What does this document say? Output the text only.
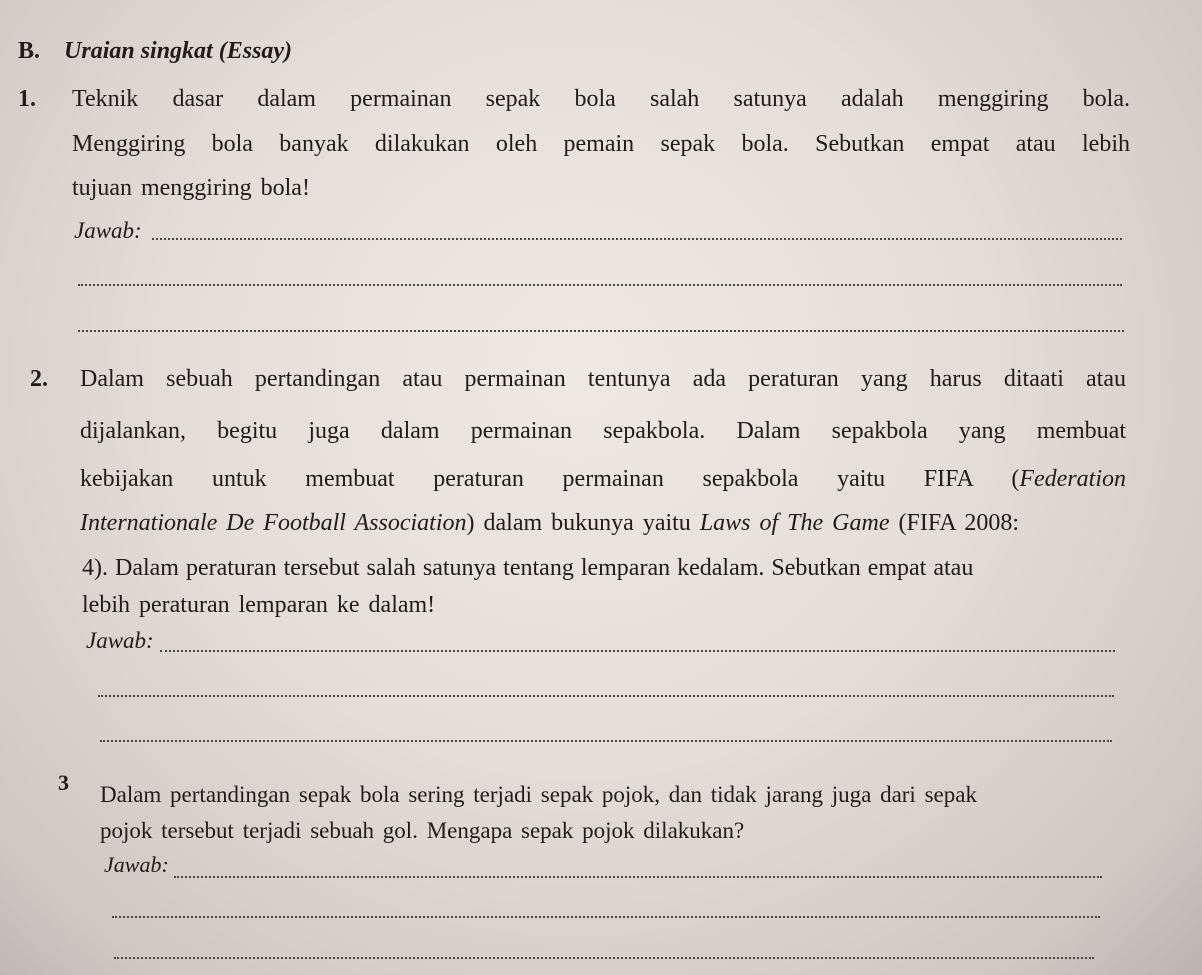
B. Uraian singkat (Essay)
1. Teknik dasar dalam permainan sepak bola salah satunya adalah menggiring bola.
Menggiring bola banyak dilakukan oleh pemain sepak bola. Sebutkan empat atau lebih
tujuan menggiring bola!
Jawab:
2. Dalam sebuah pertandingan atau permainan tentunya ada peraturan yang harus ditaati atau
dijalankan, begitu juga dalam permainan sepakbola. Dalam sepakbola yang membuat
kebijakan untuk membuat peraturan permainan sepakbola yaitu FIFA (Federation
Internationale De Football Association) dalam bukunya yaitu Laws of The Game (FIFA 2008:
4). Dalam peraturan tersebut salah satunya tentang lemparan kedalam. Sebutkan empat atau
lebih peraturan lemparan ke dalam!
Jawab:
3 Dalam pertandingan sepak bola sering terjadi sepak pojok, dan tidak jarang juga dari sepak
pojok tersebut terjadi sebuah gol. Mengapa sepak pojok dilakukan?
Jawab:
